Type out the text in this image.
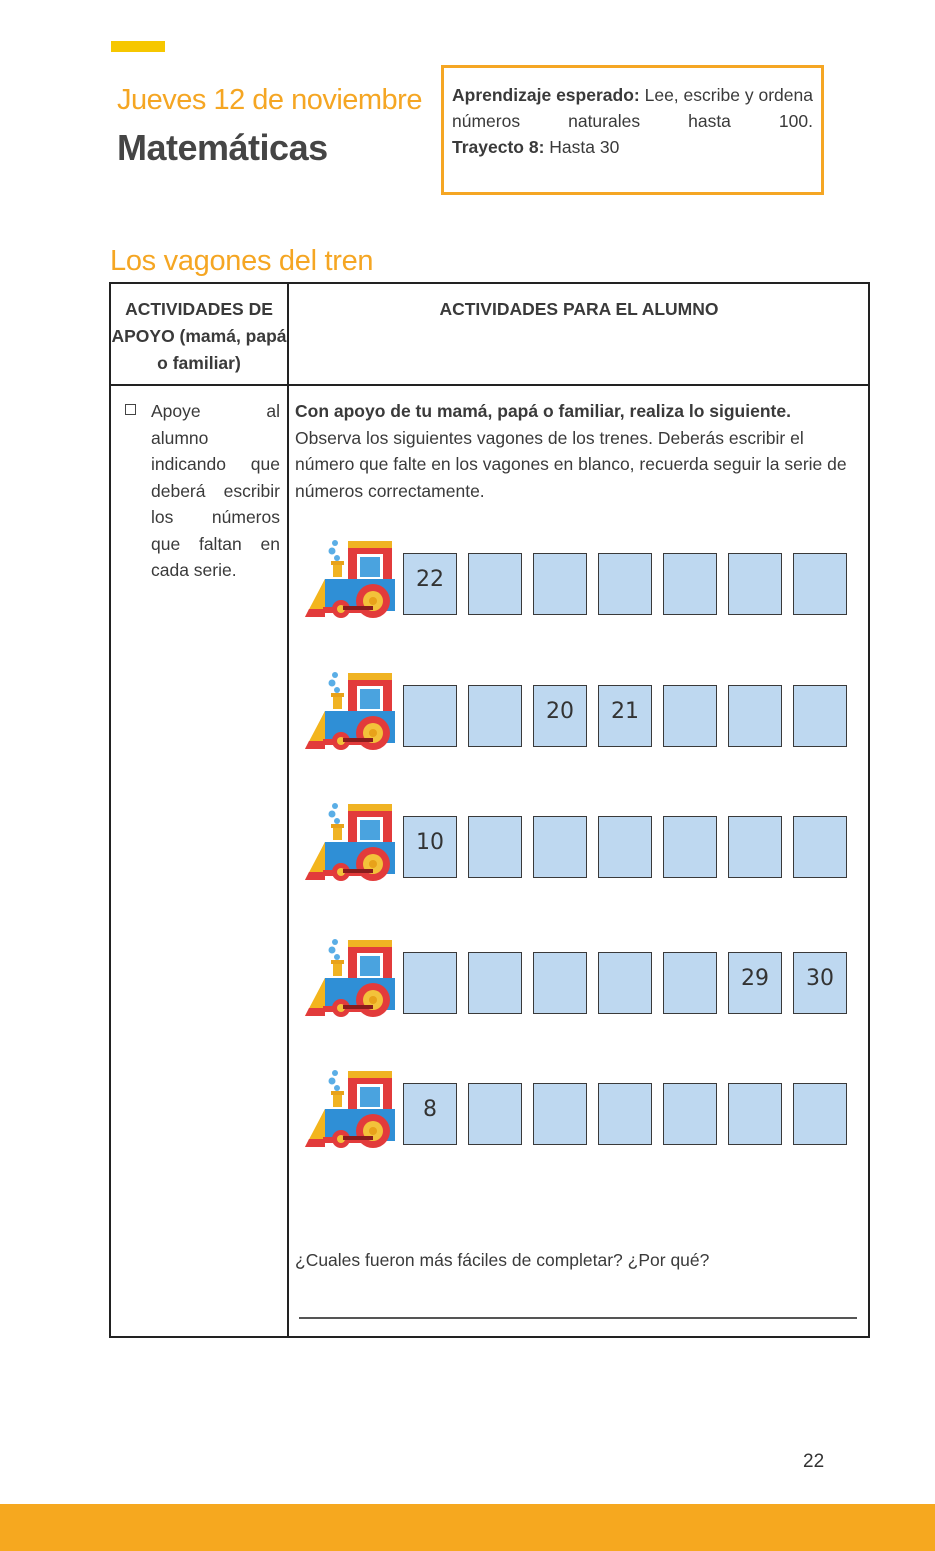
Jueves 12 de noviembre
Matemáticas

Aprendizaje esperado: Lee, escribe y ordena números naturales hasta 100.

Trayecto 8: Hasta 30

Los vagones del tren
ACTIVIDADES DE APOYO (mamá, papá o familiar)
ACTIVIDADES PARA EL ALUMNO
Apoye al alumno indicando que deberá escribir los números que faltan en cada serie.

Con apoyo de tu mamá, papá o familiar, realiza lo siguiente.

Observa los siguientes vagones de los trenes. Deberás escribir el número que falte en los vagones en blanco, recuerda seguir la serie de números correctamente.

22
20	21
10
29	30
8
¿Cuales fueron más fáciles de completar? ¿Por qué?
22
